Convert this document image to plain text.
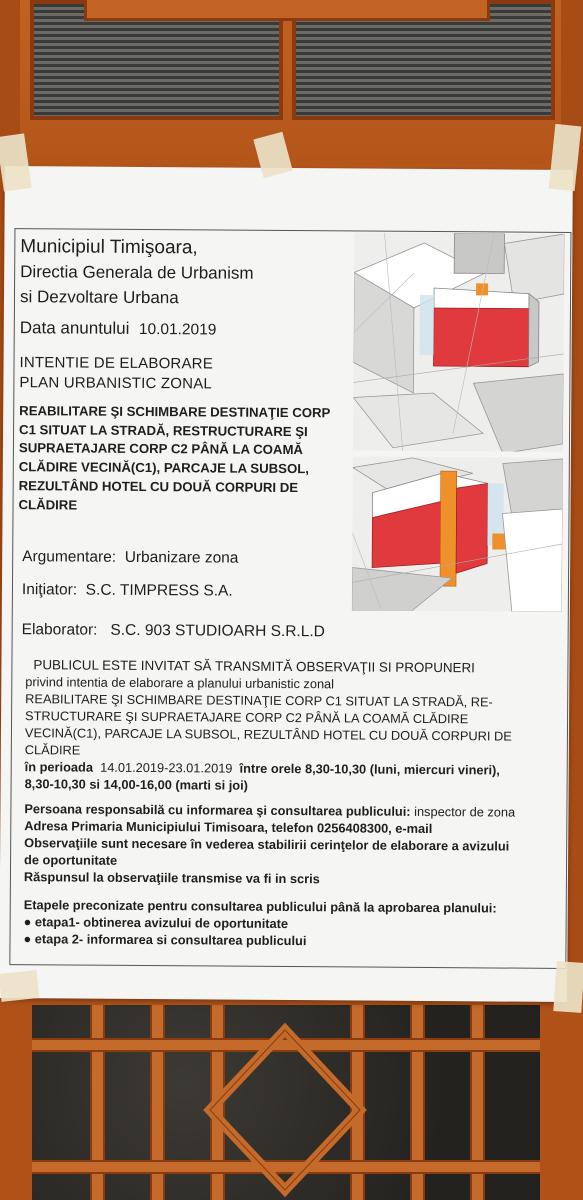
Municipiul Timişoara,
Directia Generala de Urbanism
si Dezvoltare Urbana
Data anuntului 10.01.2019
INTENTIE DE ELABORARE
PLAN URBANISTIC ZONAL
REABILITARE ŞI SCHIMBARE DESTINAŢIE CORP C1 SITUAT LA STRADĂ, RESTRUCTURARE ŞI SUPRAETAJARE CORP C2 PÂNĂ LA COAMĂ CLĂDIRE VECINĂ(C1), PARCAJE LA SUBSOL, REZULTÂND HOTEL CU DOUĂ CORPURI DE CLĂDIRE
Argumentare: Urbanizare zona
Iniţiator: S.C. TIMPRESS S.A.
Elaborator: S.C. 903 STUDIOARH S.R.L.D
PUBLICUL ESTE INVITAT SĂ TRANSMITĂ OBSERVAŢII SI PROPUNERI
privind intentia de elaborare a planului urbanistic zonal
REABILITARE ŞI SCHIMBARE DESTINAŢIE CORP C1 SITUAT LA STRADĂ, RE-
STRUCTURARE ŞI SUPRAETAJARE CORP C2 PÂNĂ LA COAMĂ CLĂDIRE
VECINĂ(C1), PARCAJE LA SUBSOL, REZULTÂND HOTEL CU DOUĂ CORPURI DE
CLĂDIRE
în perioada 14.01.2019-23.01.2019 între orele 8,30-10,30 (luni, miercuri vineri),
8,30-10,30 si 14,00-16,00 (marti si joi)
Persoana responsabilă cu informarea şi consultarea publicului: inspector de zona
Adresa Primaria Municipiului Timisoara, telefon 0256408300, e-mail
Observaţiile sunt necesare în vederea stabilirii cerinţelor de elaborare a avizului
de oportunitate
Răspunsul la observaţiile transmise va fi in scris
Etapele preconizate pentru consultarea publicului până la aprobarea planului:
● etapa1- obtinerea avizului de oportunitate
● etapa 2- informarea si consultarea publicului
